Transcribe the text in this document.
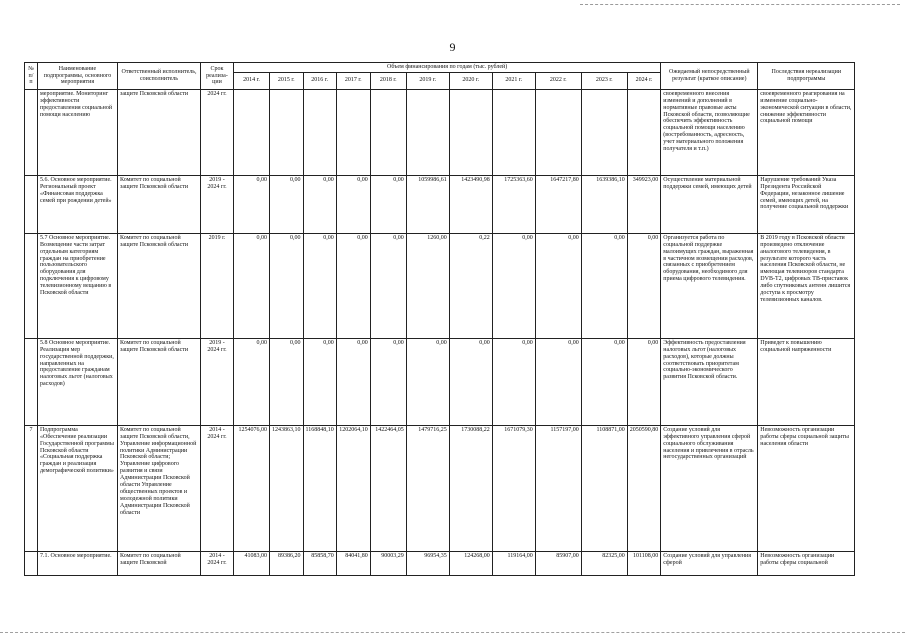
9
№ п/п	Наименование подпрограммы, основного мероприятия	Ответственный исполнитель, соисполнитель	Срок реализа-ции	Объем финансирования по годам (тыс. рублей)											Ожидаемый непосредственный результат (краткое описание)	Последствия нереализации подпрограммы
				2014 г.	2015 г.	2016 г.	2017 г.	2018 г.	2019 г.	2020 г.	2021 г.	2022 г.	2023 г.	2024 г.		
	мероприятие. Мониторинг эффективности предоставления социальной помощи населению	защите Псковской области	2024 гг.												своевременного внесения изменений и дополнений в нормативные правовые акты Псковской области, позволяющие обеспечить эффективность социальной помощи населению (востребованность, адресность, учет материального положения получателя и т.п.)	своевременного реагирования на изменение социально-экономической ситуации в области, снижение эффективности социальной помощи
	5.6. Основное мероприятие. Региональный проект «Финансовая поддержка семей при рождении детей»	Комитет по социальной защите Псковской области	2019 - 2024 гг.	0,00	0,00	0,00	0,00	0,00	1059986,61	1423490,98	1725363,60	1647217,80	1639386,10	349923,00	Осуществление материальной поддержки семей, имеющих детей	Нарушение требований Указа Президента Российской Федерации, незаконное лишение семей, имеющих детей, на получение социальной поддержки
	5.7 Основное мероприятие. Возмещение части затрат отдельным категориям граждан на приобретение пользовательского оборудования для подключения к цифровому телевизионному вещанию в Псковской области	Комитет по социальной защите Псковской области	2019 г.	0,00	0,00	0,00	0,00	0,00	1260,00	0,22	0,00	0,00	0,00	0,00	Организуется работа по социальной поддержке малоимущих граждан, выраженная в частичном возмещении расходов, связанных с приобретением оборудования, необходимого для приема цифрового телевидения.	В 2019 году в Псковской области произведено отключение аналогового телевидения, в результате которого часть населения Псковской области, не имеющая телевизоров стандарта DVB-T2, цифровых ТВ-приставок либо спутниковых антенн лишится доступа к просмотру телевизионных каналов.
	5.8 Основное мероприятие. Реализация мер государственной поддержки, направленных на предоставление гражданам налоговых льгот (налоговых расходов)	Комитет по социальной защите Псковской области	2019 - 2024 гг.	0,00	0,00	0,00	0,00	0,00	0,00	0,00	0,00	0,00	0,00	0,00	Эффективность предоставления налоговых льгот (налоговых расходов), которые должны соответствовать приоритетам социально-экономического развития Псковской области.	Приведет к повышению социальной напряженности
7	Подпрограмма «Обеспечение реализации Государственной программы Псковской области «Социальная поддержка граждан и реализация демографической политики»	Комитет по социальной защите Псковской области, Управление информационной политики Администрации Псковской области; Управление цифрового развития и связи Администрации Псковской области Управление общественных проектов и молодежной политики Администрации Псковской области	2014 - 2024 гг.	1254076,00	1243863,10	1168848,10	1202064,10	1422464,05	1479716,25	1730088,22	1671079,30	1157197,00	1108871,00	2050590,80	Создание условий для эффективного управления сферой социального обслуживания населения и привлечения в отрасль негосударственных организаций	Невозможность организации работы сферы социальной защиты населения области
	7.1. Основное мероприятие.	Комитет по социальной защите Псковской	2014 - 2024 гг.	41083,00	89386,20	85858,70	84041,80	90003,29	96954,35	124268,00	119164,00	85907,00	82325,00	101108,00	Создание условий для управления сферой	Невозможность организации работы сферы социальной
